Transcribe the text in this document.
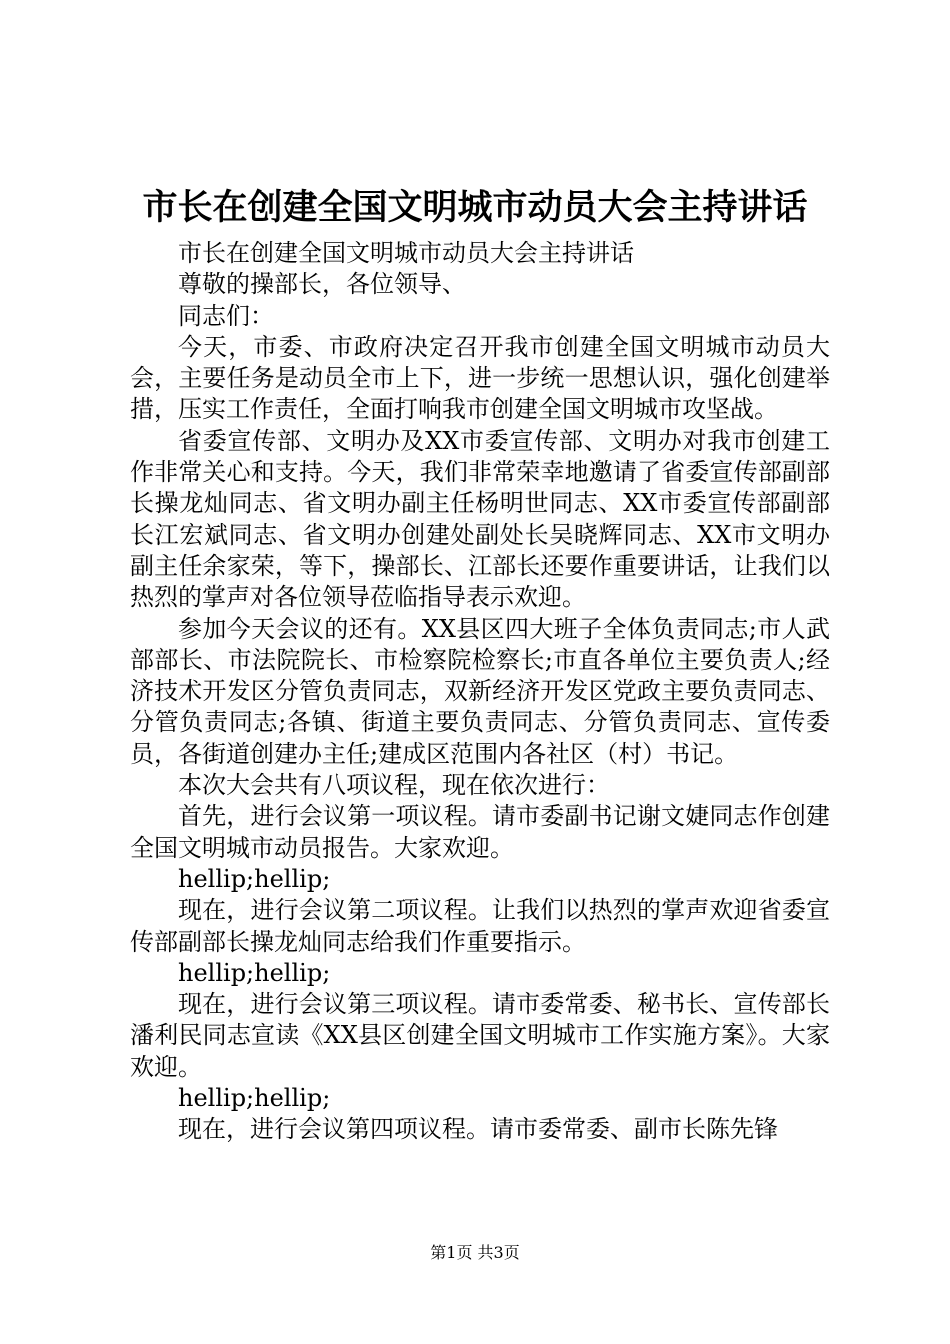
市长在创建全国文明城市动员大会主持讲话

市长在创建全国文明城市动员大会主持讲话

尊敬的操部长，各位领导、

同志们：

今天，市委、市政府决定召开我市创建全国文明城市动员大会，主要任务是动员全市上下，进一步统一思想认识，强化创建举措，压实工作责任，全面打响我市创建全国文明城市攻坚战。

省委宣传部、文明办及XX市委宣传部、文明办对我市创建工作非常关心和支持。今天，我们非常荣幸地邀请了省委宣传部副部长操龙灿同志、省文明办副主任杨明世同志、XX市委宣传部副部长江宏斌同志、省文明办创建处副处长吴晓辉同志、XX市文明办副主任余家荣，等下，操部长、江部长还要作重要讲话，让我们以热烈的掌声对各位领导莅临指导表示欢迎。

参加今天会议的还有。XX县区四大班子全体负责同志;市人武部部长、市法院院长、市检察院检察长;市直各单位主要负责人;经济技术开发区分管负责同志，双新经济开发区党政主要负责同志、分管负责同志;各镇、街道主要负责同志、分管负责同志、宣传委员，各街道创建办主任;建成区范围内各社区（村）书记。

本次大会共有八项议程，现在依次进行：

首先，进行会议第一项议程。请市委副书记谢文婕同志作创建全国文明城市动员报告。大家欢迎。

hellip;hellip;

现在，进行会议第二项议程。让我们以热烈的掌声欢迎省委宣传部副部长操龙灿同志给我们作重要指示。

hellip;hellip;

现在，进行会议第三项议程。请市委常委、秘书长、宣传部长潘利民同志宣读《XX县区创建全国文明城市工作实施方案》。大家欢迎。

hellip;hellip;

现在，进行会议第四项议程。请市委常委、副市长陈先锋

第1页 共3页
